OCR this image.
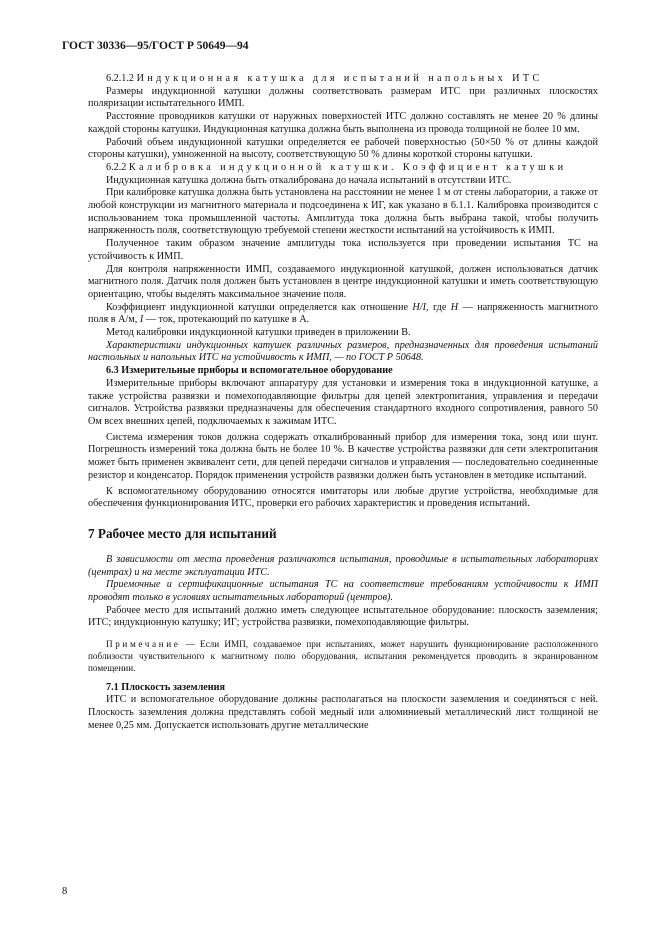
ГОСТ 30336—95/ГОСТ Р 50649—94

6.2.1.2 Индукционная катушка для испытаний напольных ИТС

Размеры индукционной катушки должны соответствовать размерам ИТС при различных плоскостях поляризации испытательного ИМП.

Расстояние проводников катушки от наружных поверхностей ИТС должно составлять не менее 20 % длины каждой стороны катушки. Индукционная катушка должна быть выполнена из провода толщиной не более 10 мм.

Рабочий объем индукционной катушки определяется ее рабочей поверхностью (50×50 % от длины каждой стороны катушки), умноженной на высоту, соответствующую 50 % длины короткой стороны катушки.

6.2.2 Калибровка индукционной катушки. Коэффициент катушки

Индукционная катушка должна быть откалибрована до начала испытаний в отсутствии ИТС.

При калибровке катушка должна быть установлена на расстоянии не менее 1 м от стены лаборатории, а также от любой конструкции из магнитного материала и подсоединена к ИГ, как указано в 6.1.1. Калибровка производится с использованием тока промышленной частоты. Амплитуда тока должна быть выбрана такой, чтобы получить напряженность поля, соответствующую требуемой степени жесткости испытаний на устойчивость к ИМП.

Полученное таким образом значение амплитуды тока используется при проведении испытания ТС на устойчивость к ИМП.

Для контроля напряженности ИМП, создаваемого индукционной катушкой, должен использоваться датчик магнитного поля. Датчик поля должен быть установлен в центре индукционной катушки и иметь соответствующую ориентацию, чтобы выделять максимальное значение поля.

Коэффициент индукционной катушки определяется как отношение H/I, где H — напряженность магнитного поля в А/м, I — ток, протекающий по катушке в А.

Метод калибровки индукционной катушки приведен в приложении В.

Характеристики индукционных катушек различных размеров, предназначенных для проведения испытаний настольных и напольных ИТС на устойчивость к ИМП, — по ГОСТ Р 50648.

6.3 Измерительные приборы и вспомогательное оборудование

Измерительные приборы включают аппаратуру для установки и измерения тока в индукционной катушке, а также устройства развязки и помехоподавляющие фильтры для цепей электропитания, управления и передачи сигналов. Устройства развязки предназначены для обеспечения стандартного входного сопротивления, равного 50 Ом всех внешних цепей, подключаемых к зажимам ИТС.

Система измерения токов должна содержать откалиброванный прибор для измерения тока, зонд или шунт. Погрешность измерений тока должна быть не более 10 %. В качестве устройства развязки для сети электропитания может быть применен эквивалент сети, для цепей передачи сигналов и управления — последовательно соединенные резистор и конденсатор. Порядок применения устройств развязки должен быть установлен в методике испытаний.

К вспомогательному оборудованию относятся имитаторы или любые другие устройства, необходимые для обеспечения функционирования ИТС, проверки его рабочих характеристик и проведения испытаний.

7 Рабочее место для испытаний

В зависимости от места проведения различаются испытания, проводимые в испытательных лабораториях (центрах) и на месте эксплуатации ИТС.

Приемочные и сертификационные испытания ТС на соответствие требованиям устойчивости к ИМП проводят только в условиях испытательных лабораторий (центров).

Рабочее место для испытаний должно иметь следующее испытательное оборудование: плоскость заземления; ИТС; индукционную катушку; ИГ; устройства развязки, помехоподавляющие фильтры.

Примечание — Если ИМП, создаваемое при испытаниях, может нарушить функционирование расположенного поблизости чувствительного к магнитному полю оборудования, испытания рекомендуется проводить в экранированном помещении.

7.1 Плоскость заземления

ИТС и вспомогательное оборудование должны располагаться на плоскости заземления и соединяться с ней. Плоскость заземления должна представлять собой медный или алюминиевый металлический лист толщиной не менее 0,25 мм. Допускается использовать другие металлические

8
